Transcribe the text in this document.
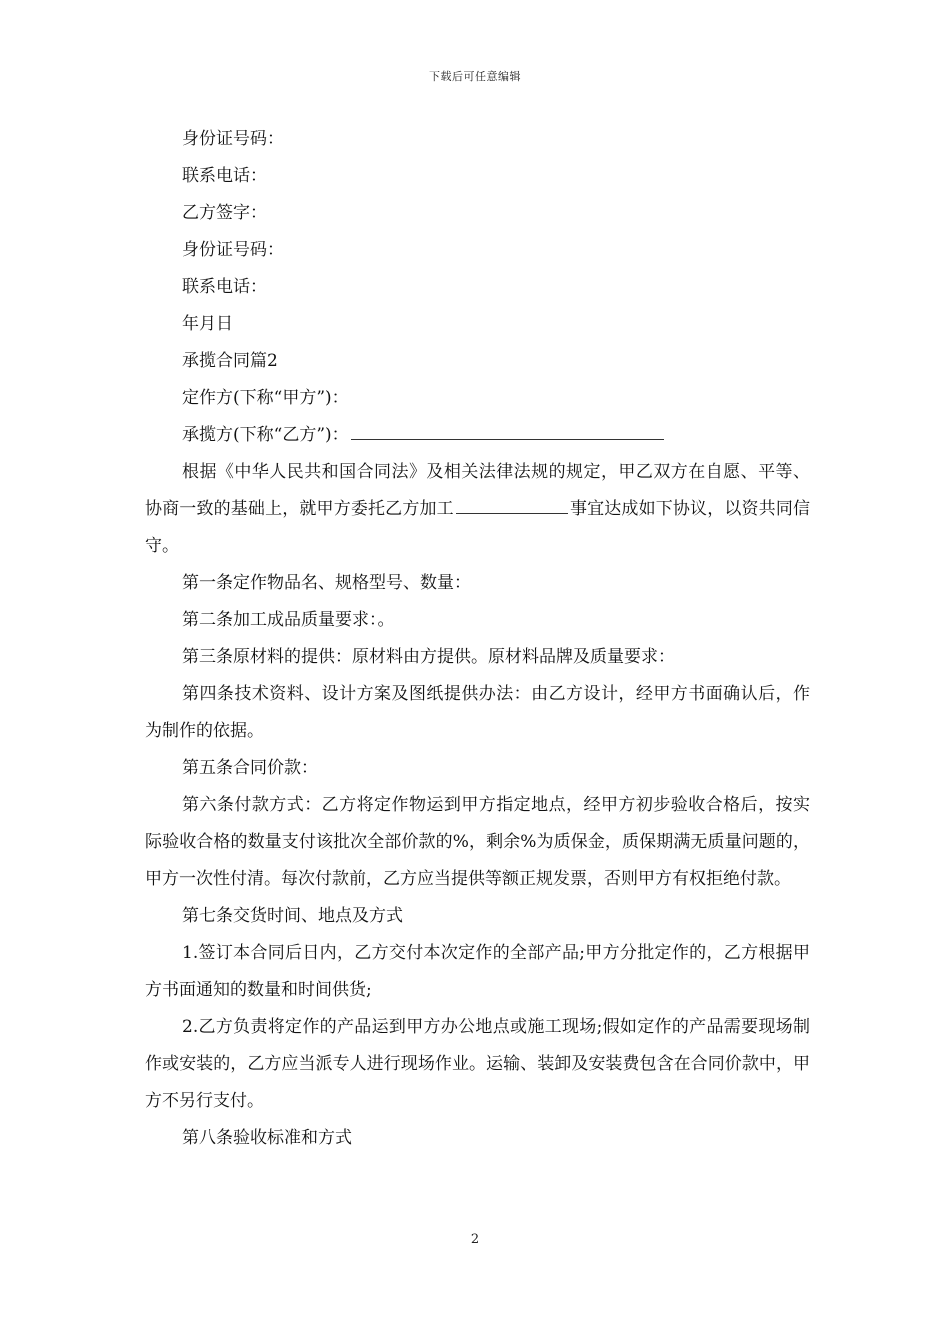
下载后可任意编辑

身份证号码：

联系电话：

乙方签字：

身份证号码：

联系电话：

年月日

承揽合同篇2

定作方(下称“甲方”)：

承揽方(下称“乙方”)：

根据《中华人民共和国合同法》及相关法律法规的规定，甲乙双方在自愿、平等、协商一致的基础上，就甲方委托乙方加工	事宜达成如下协议，以资共同信守。

第一条定作物品名、规格型号、数量：

第二条加工成品质量要求：。

第三条原材料的提供：原材料由方提供。原材料品牌及质量要求：

第四条技术资料、设计方案及图纸提供办法：由乙方设计，经甲方书面确认后，作为制作的依据。

第五条合同价款：

第六条付款方式：乙方将定作物运到甲方指定地点，经甲方初步验收合格后，按实际验收合格的数量支付该批次全部价款的%，剩余%为质保金，质保期满无质量问题的，甲方一次性付清。每次付款前，乙方应当提供等额正规发票，否则甲方有权拒绝付款。

第七条交货时间、地点及方式

1.签订本合同后日内，乙方交付本次定作的全部产品;甲方分批定作的，乙方根据甲方书面通知的数量和时间供货;

2.乙方负责将定作的产品运到甲方办公地点或施工现场;假如定作的产品需要现场制作或安装的，乙方应当派专人进行现场作业。运输、装卸及安装费包含在合同价款中，甲方不另行支付。

第八条验收标准和方式

2
